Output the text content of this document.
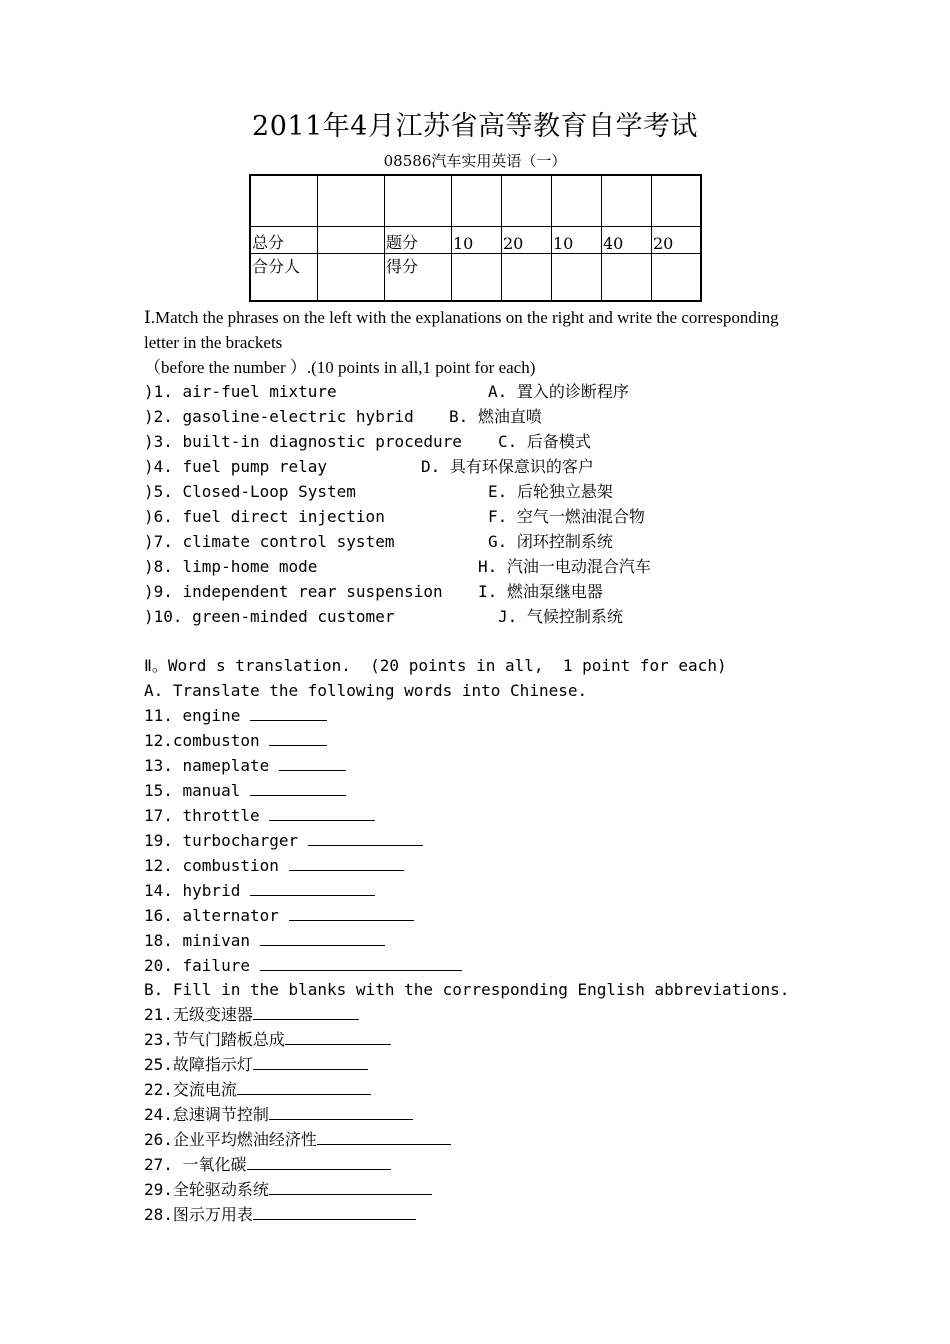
2011年4月江苏省高等教育自学考试
08586汽车实用英语（一）

总分		题分	10	20	10	40	20
合分人		得分					
Ⅰ.Match the phrases on the left with the explanations on the right and write the corresponding letter in the brackets
（before the number ）.(10 points in all,1 point for each)
)1. air-fuel mixture	A. 置入的诊断程序
)2. gasoline-electric hybrid B. 燃油直喷
)3. built-in diagnostic procedure C. 后备模式
)4. fuel pump relay	D. 具有环保意识的客户
)5. Closed-Loop System	E. 后轮独立悬架
)6. fuel direct injection	F. 空气一燃油混合物
)7. climate control system	G. 闭环控制系统
)8. limp-home mode	H. 汽油一电动混合汽车
)9. independent rear suspension I. 燃油泵继电器
)10. green-minded customer	J. 气候控制系统
Ⅱ。Word s translation.  (20 points in all,  1 point for each)
A. Translate the following words into Chinese.
11. engine
12.combuston
13. nameplate
15. manual
17. throttle
19. turbocharger
12. combustion
14. hybrid
16. alternator
18. minivan
20. failure
B. Fill in the blanks with the corresponding English abbreviations.
21.无级变速器
23.节气门踏板总成
25.故障指示灯
22.交流电流
24.怠速调节控制
26.企业平均燃油经济性
27. 一氧化碳
29.全轮驱动系统
28.图示万用表
